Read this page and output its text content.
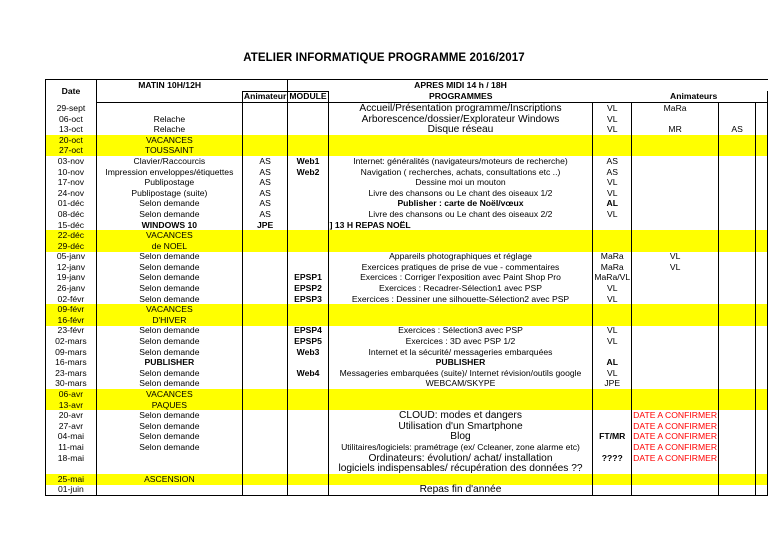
ATELIER INFORMATIQUE PROGRAMME 2016/2017
Date	MATIN 10H/12H			APRES MIDI 14 h / 18H				
		Animateur	MODULE	PROGRAMMES		Animateurs		
29-sept				Accueil/Présentation programme/Inscriptions	VL	MaRa		
06-oct	Relache			Arborescence/dossier/Explorateur Windows	VL			
13-oct	Relache			Disque réseau	VL	MR	AS	
20-oct	VACANCES							
27-oct	TOUSSAINT							
03-nov	Clavier/Raccourcis	AS	Web1	Internet: généralités (navigateurs/moteurs de recherche)	AS			
10-nov	Impression enveloppes/étiquettes	AS	Web2	Navigation ( recherches, achats, consultations etc ..)	AS			
17-nov	Publipostage	AS		Dessine moi un mouton	VL			
24-nov	Publipostage (suite)	AS		Livre des chansons ou Le chant des oiseaux 1/2	VL			
01-déc	Selon demande	AS		Publisher : carte de Noël/vœux	AL			
08-déc	Selon demande	AS		Livre des chansons ou Le chant des oiseaux 2/2	VL			
15-déc	WINDOWS 10	JPE		] 13 H REPAS NOËL				
22-déc	VACANCES							
29-déc	de NOEL							
05-janv	Selon demande			Appareils photographiques et réglage	MaRa	VL		
12-janv	Selon demande			Exercices pratiques de prise de vue - commentaires	MaRa	VL		
19-janv	Selon demande		EPSP1	Exercices : Corriger l'exposition avec Paint Shop Pro	MaRa/VL			
26-janv	Selon demande		EPSP2	Exercices : Recadrer-Sélection1 avec PSP	VL			
02-févr	Selon demande		EPSP3	Exercices : Dessiner une silhouette-Sélection2 avec PSP	VL			
09-févr	VACANCES							
16-févr	D'HIVER							
23-févr	Selon demande		EPSP4	Exercices : Sélection3 avec PSP	VL			
02-mars	Selon demande		EPSP5	Exercices : 3D avec PSP 1/2	VL			
09-mars	Selon demande		Web3	Internet et la sécurité/ messageries embarquées				
16-mars	PUBLISHER			PUBLISHER	AL			
23-mars	Selon demande		Web4	Messageries embarquées (suite)/ Internet révision/outils google	VL			
30-mars	Selon demande			WEBCAM/SKYPE	JPE			
06-avr	VACANCES							
13-avr	PAQUES							
20-avr	Selon demande			CLOUD: modes et dangers		DATE A CONFIRMER		
27-avr	Selon demande			Utilisation d'un Smartphone		DATE A CONFIRMER		
04-mai	Selon demande			Blog	FT/MR	DATE A CONFIRMER		
11-mai	Selon demande			Utilitaires/logiciels: pramétrage (ex/ Ccleaner, zone alarme etc)		DATE A CONFIRMER		
18-mai				Ordinateurs: évolution/ achat/ installation	????	DATE A CONFIRMER		
				logiciels indispensables/ récupération des données ??				
25-mai	ASCENSION							
01-juin				Repas fin d'année				
